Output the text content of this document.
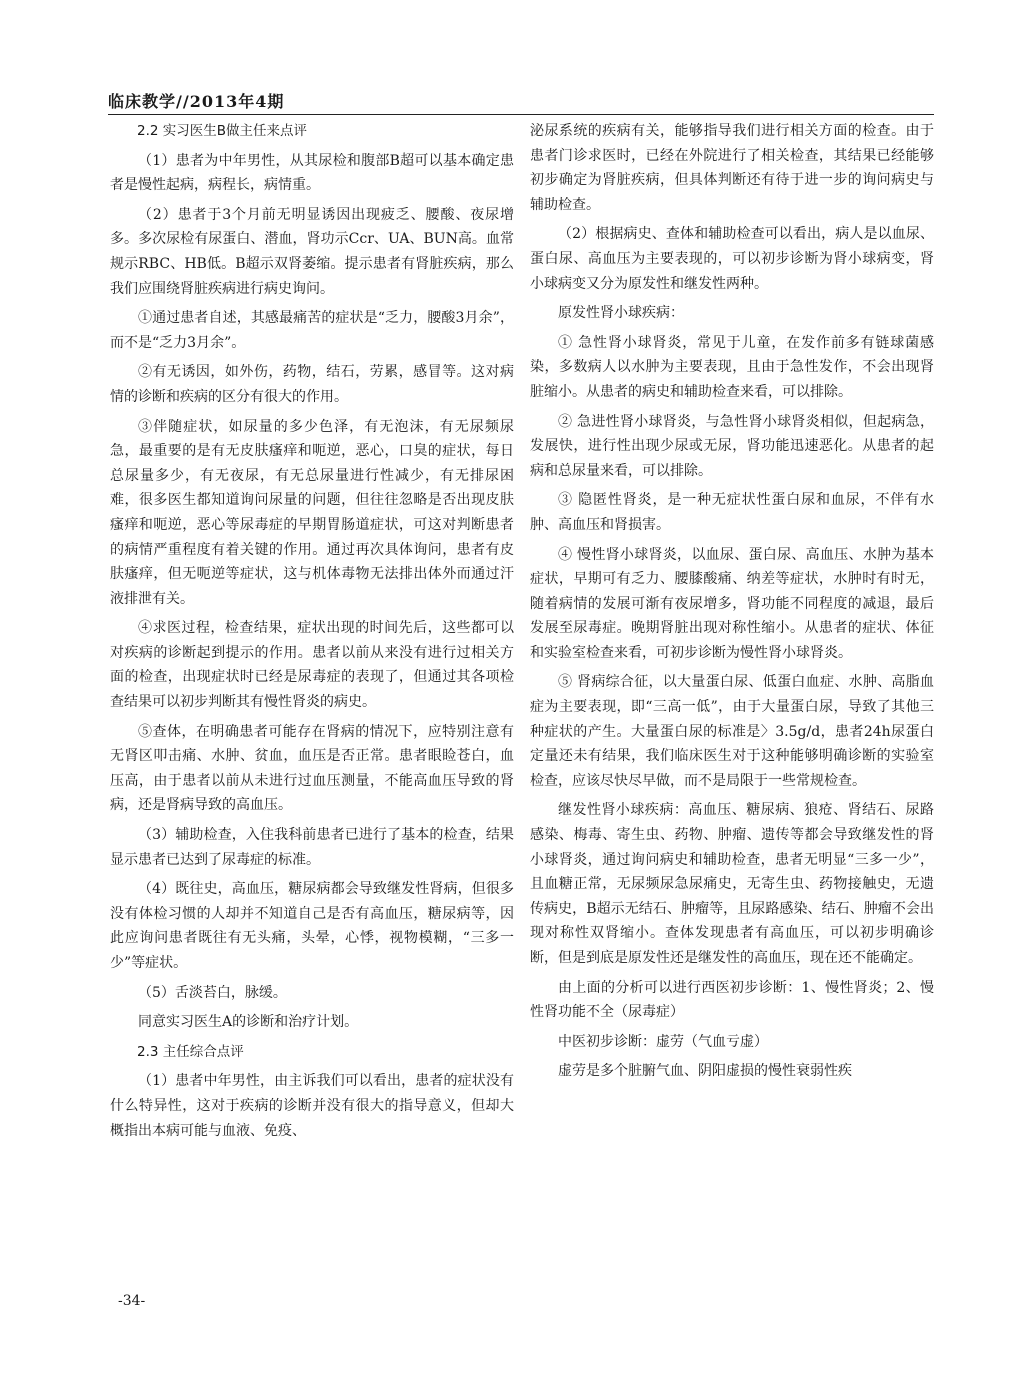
临床教学//2013年4期

2.2 实习医生B做主任来点评

（1）患者为中年男性，从其尿检和腹部B超可以基本确定患者是慢性起病，病程长，病情重。

（2）患者于3个月前无明显诱因出现疲乏、腰酸、夜尿增多。多次尿检有尿蛋白、潜血，肾功示Ccr、UA、BUN高。血常规示RBC、HB低。B超示双肾萎缩。提示患者有肾脏疾病，那么我们应围绕肾脏疾病进行病史询问。

①通过患者自述，其感最痛苦的症状是“乏力，腰酸3月余”，而不是“乏力3月余”。

②有无诱因，如外伤，药物，结石，劳累，感冒等。这对病情的诊断和疾病的区分有很大的作用。

③伴随症状，如尿量的多少色泽，有无泡沫，有无尿频尿急，最重要的是有无皮肤瘙痒和呃逆，恶心，口臭的症状，每日总尿量多少，有无夜尿，有无总尿量进行性减少，有无排尿困难，很多医生都知道询问尿量的问题，但往往忽略是否出现皮肤瘙痒和呃逆，恶心等尿毒症的早期胃肠道症状，可这对判断患者的病情严重程度有着关键的作用。通过再次具体询问，患者有皮肤瘙痒，但无呃逆等症状，这与机体毒物无法排出体外而通过汗液排泄有关。

④求医过程，检查结果，症状出现的时间先后，这些都可以对疾病的诊断起到提示的作用。患者以前从来没有进行过相关方面的检查，出现症状时已经是尿毒症的表现了，但通过其各项检查结果可以初步判断其有慢性肾炎的病史。

⑤查体，在明确患者可能存在肾病的情况下，应特别注意有无肾区叩击痛、水肿、贫血，血压是否正常。患者眼睑苍白，血压高，由于患者以前从未进行过血压测量，不能高血压导致的肾病，还是肾病导致的高血压。

（3）辅助检查，入住我科前患者已进行了基本的检查，结果显示患者已达到了尿毒症的标准。

（4）既往史，高血压，糖尿病都会导致继发性肾病，但很多没有体检习惯的人却并不知道自己是否有高血压，糖尿病等，因此应询问患者既往有无头痛，头晕，心悸，视物模糊，“三多一少”等症状。

（5）舌淡苔白，脉缓。

同意实习医生A的诊断和治疗计划。

2.3 主任综合点评

（1）患者中年男性，由主诉我们可以看出，患者的症状没有什么特异性，这对于疾病的诊断并没有很大的指导意义，但却大概指出本病可能与血液、免疫、

泌尿系统的疾病有关，能够指导我们进行相关方面的检查。由于患者门诊求医时，已经在外院进行了相关检查，其结果已经能够初步确定为肾脏疾病，但具体判断还有待于进一步的询问病史与辅助检查。

（2）根据病史、查体和辅助检查可以看出，病人是以血尿、蛋白尿、高血压为主要表现的，可以初步诊断为肾小球病变，肾小球病变又分为原发性和继发性两种。

原发性肾小球疾病：

① 急性肾小球肾炎，常见于儿童，在发作前多有链球菌感染，多数病人以水肿为主要表现，且由于急性发作，不会出现肾脏缩小。从患者的病史和辅助检查来看，可以排除。

② 急进性肾小球肾炎，与急性肾小球肾炎相似，但起病急，发展快，进行性出现少尿或无尿，肾功能迅速恶化。从患者的起病和总尿量来看，可以排除。

③ 隐匿性肾炎，是一种无症状性蛋白尿和血尿，不伴有水肿、高血压和肾损害。

④ 慢性肾小球肾炎，以血尿、蛋白尿、高血压、水肿为基本症状，早期可有乏力、腰膝酸痛、纳差等症状，水肿时有时无，随着病情的发展可渐有夜尿增多，肾功能不同程度的减退，最后发展至尿毒症。晚期肾脏出现对称性缩小。从患者的症状、体征和实验室检查来看，可初步诊断为慢性肾小球肾炎。

⑤ 肾病综合征，以大量蛋白尿、低蛋白血症、水肿、高脂血症为主要表现，即“三高一低”，由于大量蛋白尿，导致了其他三种症状的产生。大量蛋白尿的标准是〉3.5g/d，患者24h尿蛋白定量还未有结果，我们临床医生对于这种能够明确诊断的实验室检查，应该尽快尽早做，而不是局限于一些常规检查。

继发性肾小球疾病：高血压、糖尿病、狼疮、肾结石、尿路感染、梅毒、寄生虫、药物、肿瘤、遗传等都会导致继发性的肾小球肾炎，通过询问病史和辅助检查，患者无明显“三多一少”，且血糖正常，无尿频尿急尿痛史，无寄生虫、药物接触史，无遗传病史，B超示无结石、肿瘤等，且尿路感染、结石、肿瘤不会出现对称性双肾缩小。查体发现患者有高血压，可以初步明确诊断，但是到底是原发性还是继发性的高血压，现在还不能确定。

由上面的分析可以进行西医初步诊断：1、慢性肾炎；2、慢性肾功能不全（尿毒症）

中医初步诊断：虚劳（气血亏虚）

虚劳是多个脏腑气血、阴阳虚损的慢性衰弱性疾

-34-
